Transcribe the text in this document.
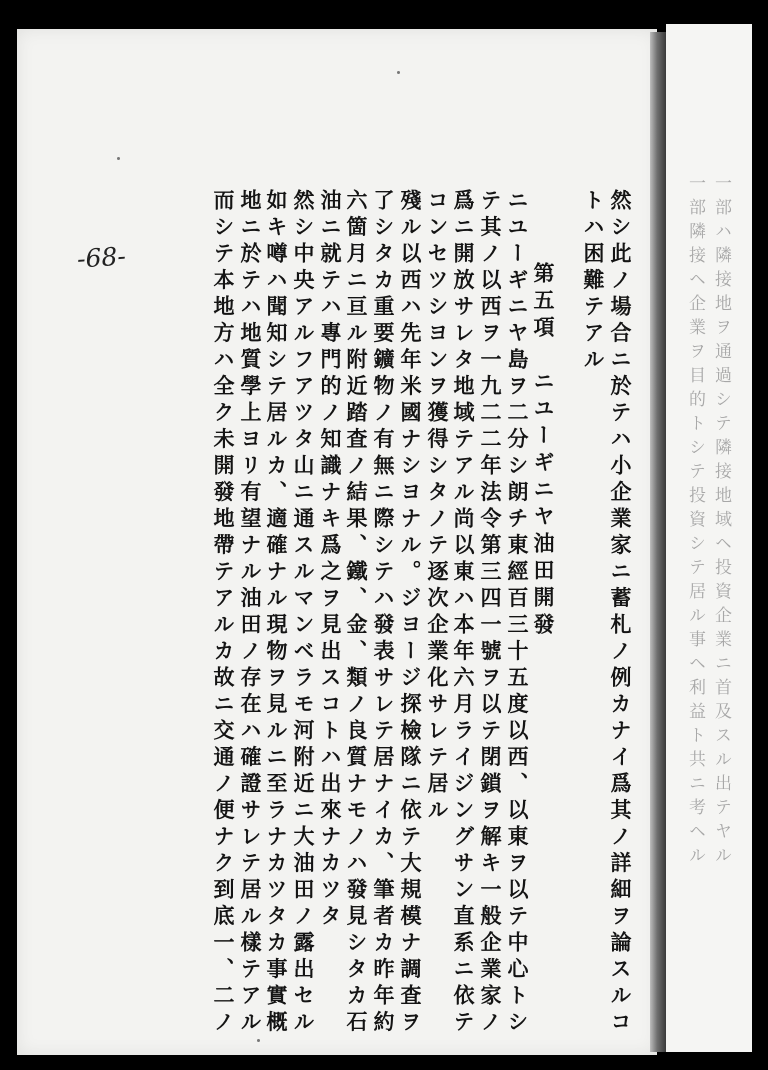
-68-	然シ此ノ場合ニ於テハ小企業家ニ蓄札ノ例カナイ爲其ノ詳細ヲ論スルコ
トハ困難テアル
第五項　ニユーギニヤ油田開發
ニユーギニヤ島ヲ二分シ朗チ東經百三十五度以西、以東ヲ以テ中心トシ
テ其ノ以西ヲ一九二二年法令第三四一號ヲ以テ閉鎖ヲ解キ一般企業家ノ
爲ニ開放サレタ地域テアル尚以東ハ本年六月ライジングサン直系ニ依テ
コンセツシヨンヲ獲得シタノテ逐次企業化サレテ居ル
殘ル以西ハ先年米國ナシヨナル。ジヨージ探檢隊ニ依テ大規模ナ調査ヲ
了シタカ重要鑛物ノ有無ニ際シテハ發表サレテ居ナイカ、筆者カ昨年約
六箇月ニ亘ル附近踏査ノ結果、鐵、金、類ノ良質ナモノハ發見シタカ石
油ニ就テハ專門的ノ知識ナキ爲之ヲ見出スコトハ出來ナカツタ
然シ中央アルフアツタ山ニ通スルマンベラモ河附近ニ大油田ノ露出セル
如キ噂ハ聞知シテ居ルカ、適確ナル現物ヲ見ルニ至ラナカツタカ事實概
地ニ於テハ地質學上ヨリ有望ナル油田ノ存在ハ確證サレテ居ル樣テアル
而シテ本地方ハ全ク未開發地帶テアルカ故ニ交通ノ便ナク到底一、二ノ	一部ハ隣接地ヲ通過シテ隣接地域ヘ投資企業ニ首及スル出テヤル
一部隣接ヘ企業ヲ目的トシテ投資シテ居ル事ヘ利益ト共ニ考ヘル
